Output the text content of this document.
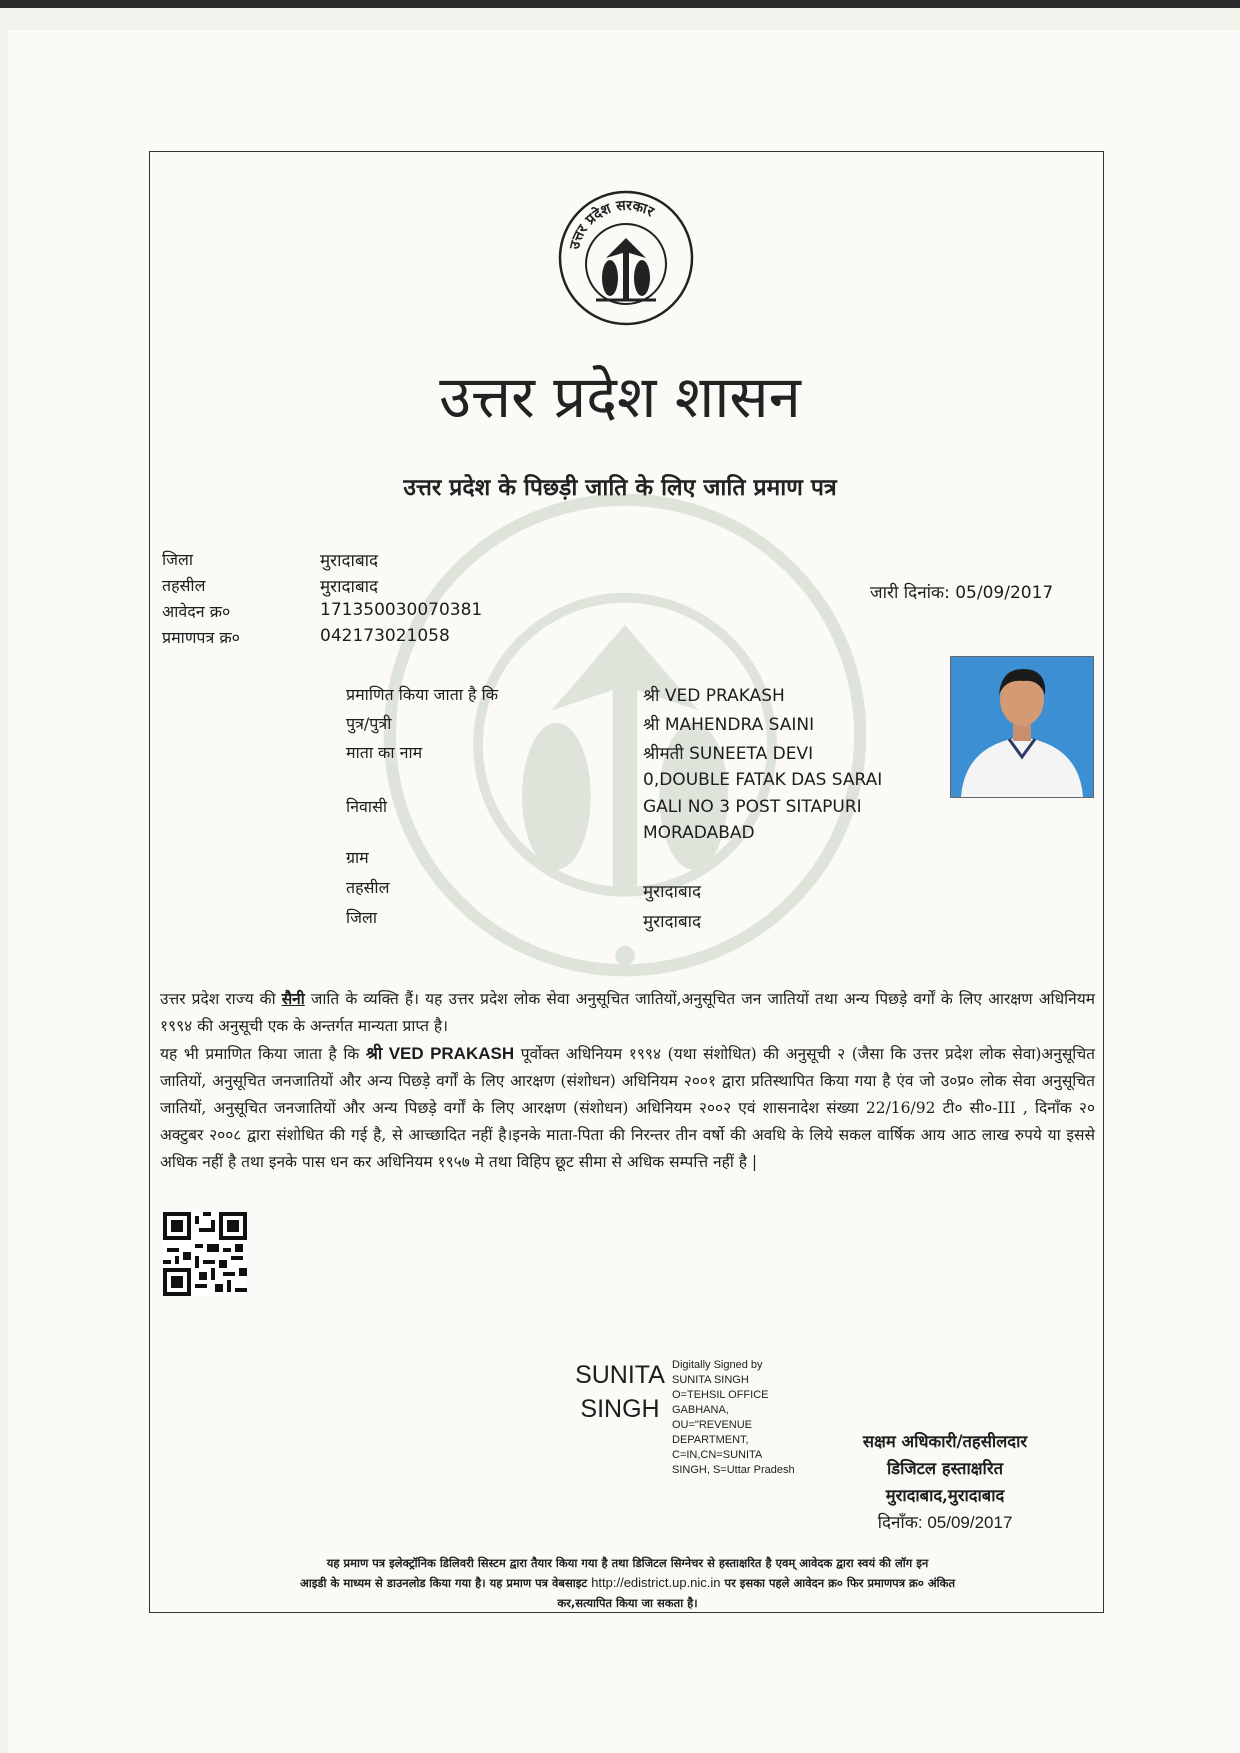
उत्तर प्रदेश सरकार
उत्तर प्रदेश शासन
उत्तर प्रदेश के पिछड़ी जाति के लिए जाति प्रमाण पत्र
जिला	मुरादाबाद
तहसील	मुरादाबाद
आवेदन क्र०	171350030070381
प्रमाणपत्र क्र०	042173021058
जारी दिनांक: 05/09/2017
प्रमाणित किया जाता है कि	श्री VED PRAKASH
पुत्र/पुत्री	श्री MAHENDRA SAINI
माता का नाम	श्रीमती SUNEETA DEVI
0,DOUBLE FATAK DAS SARAI
निवासी	GALI NO 3 POST SITAPURI
MORADABAD
ग्राम
तहसील	मुरादाबाद
जिला	मुरादाबाद
उत्तर प्रदेश राज्य की सैनी जाति के व्यक्ति हैं। यह उत्तर प्रदेश लोक सेवा अनुसूचित जातियों,अनुसूचित जन जातियों तथा अन्य पिछड़े वर्गों के लिए आरक्षण अधिनियम १९९४ की अनुसूची एक के अन्तर्गत मान्यता प्राप्त है।
यह भी प्रमाणित किया जाता है कि श्री VED PRAKASH पूर्वोक्त अधिनियम १९९४ (यथा संशोधित) की अनुसूची २ (जैसा कि उत्तर प्रदेश लोक सेवा)अनुसूचित जातियों, अनुसूचित जनजातियों और अन्य पिछड़े वर्गों के लिए आरक्षण (संशोधन) अधिनियम २००१ द्वारा प्रतिस्थापित किया गया है एंव जो उ०प्र० लोक सेवा अनुसूचित जातियों, अनुसूचित जनजातियों और अन्य पिछड़े वर्गों के लिए आरक्षण (संशोधन) अधिनियम २००२ एवं शासनादेश संख्या 22/16/92 टी० सी०-III , दिनाँक २० अक्टुबर २००८ द्वारा संशोधित की गई है, से आच्छादित नहीं है।इनके माता-पिता की निरन्तर तीन वर्षो की अवधि के लिये सकल वार्षिक आय आठ लाख रुपये या इससे अधिक नहीं है तथा इनके पास धन कर अधिनियम १९५७ मे तथा विहिप छूट सीमा से अधिक सम्पत्ति नहीं है |
SUNITA
SINGH
Digitally Signed by
SUNITA SINGH
O=TEHSIL OFFICE
GABHANA,
OU="REVENUE
DEPARTMENT,
C=IN,CN=SUNITA
SINGH, S=Uttar Pradesh
सक्षम अधिकारी/तहसीलदार
डिजिटल हस्ताक्षरित
मुरादाबाद,मुरादाबाद
दिनाँक: 05/09/2017
यह प्रमाण पत्र इलेक्ट्रॉनिक डिलिवरी सिस्टम द्वारा तैयार किया गया है तथा डिजिटल सिग्नेचर से हस्ताक्षरित है एवम् आवेदक द्वारा स्वयं की लॉग इन
आइडी के माध्यम से डाउनलोड किया गया है। यह प्रमाण पत्र वेबसाइट http://edistrict.up.nic.in पर इसका पहले आवेदन क्र० फिर प्रमाणपत्र क्र० अंकित
कर,सत्यापित किया जा सकता है।
